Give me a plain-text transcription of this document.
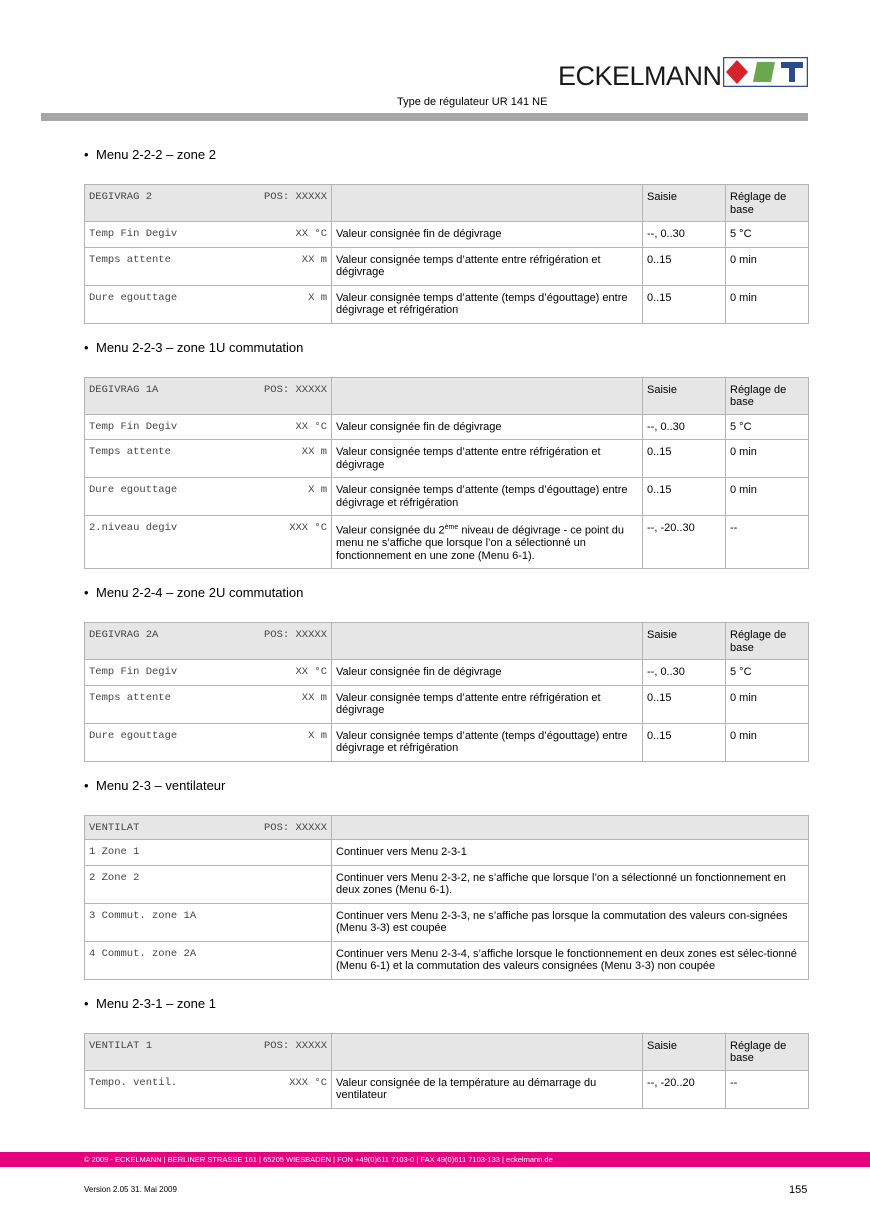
ECKELMANN
Type de régulateur UR 141 NE
• Menu 2-2-2 – zone 2
DEGIVRAG 2 POS: XXXXX		Saisie	Réglage de base

Temp Fin Degiv XX °C	Valeur consignée fin de dégivrage	--, 0..30	5 °C

Temps attente XX m	Valeur consignée temps d’attente entre réfrigération et dégivrage	0..15	0 min

Dure egouttage X m	Valeur consignée temps d’attente (temps d’égouttage) entre dégivrage et réfrigération	0..15	0 min
• Menu 2-2-3 – zone 1U commutation
DEGIVRAG 1A POS: XXXXX		Saisie	Réglage de base

Temp Fin Degiv XX °C	Valeur consignée fin de dégivrage	--, 0..30	5 °C

Temps attente XX m	Valeur consignée temps d’attente entre réfrigération et dégivrage	0..15	0 min

Dure egouttage X m	Valeur consignée temps d’attente (temps d’égouttage) entre dégivrage et réfrigération	0..15	0 min

2.niveau degiv XXX °C	Valeur consignée du 2ème niveau de dégivrage - ce point du menu ne s’affiche que lorsque l’on a sélectionné un fonctionnement en une zone (Menu 6-1).	--, -20..30	--
• Menu 2-2-4 – zone 2U commutation
DEGIVRAG 2A POS: XXXXX		Saisie	Réglage de base

Temp Fin Degiv XX °C	Valeur consignée fin de dégivrage	--, 0..30	5 °C

Temps attente XX m	Valeur consignée temps d’attente entre réfrigération et dégivrage	0..15	0 min

Dure egouttage X m	Valeur consignée temps d’attente (temps d’égouttage) entre dégivrage et réfrigération	0..15	0 min
• Menu 2-3 – ventilateur
VENTILAT POS: XXXXX	

1 Zone 1	Continuer vers Menu 2-3-1
2 Zone 2	Continuer vers Menu 2-3-2, ne s’affiche que lorsque l’on a sélectionné un fonctionnement en deux zones (Menu 6-1).
3 Commut. zone 1A	Continuer vers Menu 2-3-3, ne s’affiche pas lorsque la commutation des valeurs con-signées (Menu 3-3) est coupée
4 Commut. zone 2A	Continuer vers Menu 2-3-4, s’affiche lorsque le fonctionnement en deux zones est sélec-tionné (Menu 6-1) et la commutation des valeurs consignées (Menu 3-3) non coupée
• Menu 2-3-1 – zone 1
VENTILAT 1 POS: XXXXX		Saisie	Réglage de base

Tempo. ventil. XXX °C	Valeur consignée de la température au démarrage du ventilateur	--, -20..20	--
© 2009 - ECKELMANN | BERLINER STRASSE 161 | 65205 WIESBADEN | FON +49(0)611 7103-0 | FAX 49(0)611 7103-133 | eckelmann.de
Version 2.05 31. Mai 2009	155
